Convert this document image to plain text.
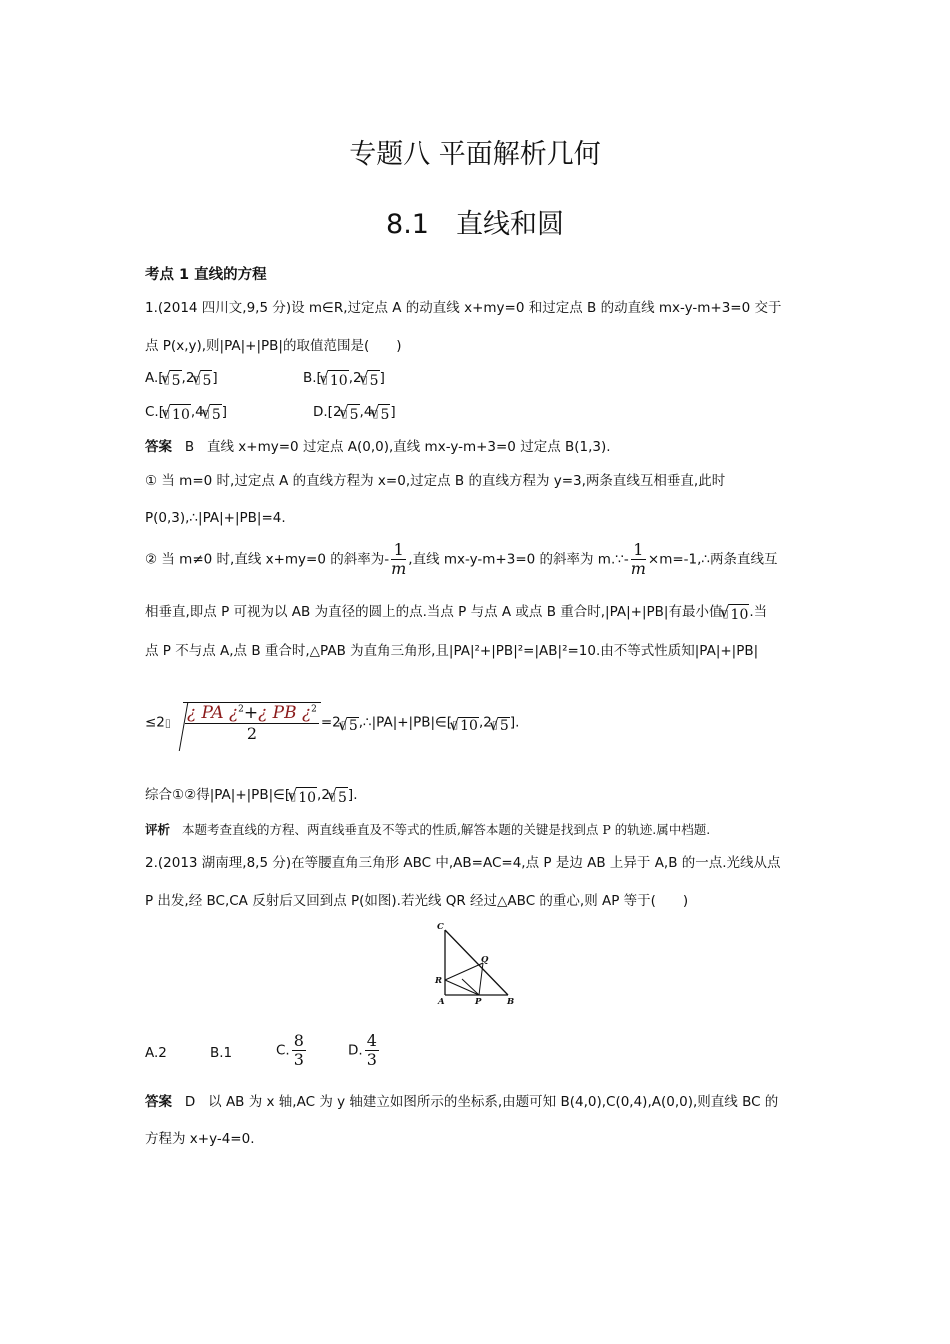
专题八 平面解析几何
8.1　直线和圆
考点 1 直线的方程
1.(2014 四川文,9,5 分)设 m∈R,过定点 A 的动直线 x+my=0 和过定点 B 的动直线 mx-y-m+3=0 交于
点 P(x,y),则|PA|+|PB|的取值范围是(　　)
A.[▯ √ 5,2▯ √ 5]	B.[▯ √ 10,2▯ √ 5]
C.[▯ √ 10,4▯ √ 5]	D.[2▯ √ 5,4▯ √ 5]
答案 B 直线 x+my=0 过定点 A(0,0),直线 mx-y-m+3=0 过定点 B(1,3).
① 当 m=0 时,过定点 A 的直线方程为 x=0,过定点 B 的直线方程为 y=3,两条直线互相垂直,此时
P(0,3),∴|PA|+|PB|=4.
② 当 m≠0 时,直线 x+my=0 的斜率为- $\frac{1}{m}$ ,直线 mx-y-m+3=0 的斜率为 m.∵- $\frac{1}{m}$ ×m=-1,∴两条直线互
相垂直,即点 P 可视为以 AB 为直径的圆上的点.当点 P 与点 A 或点 B 重合时,|PA|+|PB|有最小值▯ √ 10.当
点 P 不与点 A,点 B 重合时,△PAB 为直角三角形,且|PA|²+|PB|²=|AB|²=10.由不等式性质知|PA|+|PB|
≤2▯ $\frac{¿ PA ¿^2+¿ PB ¿^2}{2}$ =2▯ √ 5,∴|PA|+|PB|∈[▯ √ 10,2▯ √ 5].
综合①②得|PA|+|PB|∈[▯ √ 10,2▯ √ 5].
评析 本题考查直线的方程、两直线垂直及不等式的性质,解答本题的关键是找到点 P 的轨迹.属中档题.
2.(2013 湖南理,8,5 分)在等腰直角三角形 ABC 中,AB=AC=4,点 P 是边 AB 上异于 A,B 的一点.光线从点
P 出发,经 BC,CA 反射后又回到点 P(如图).若光线 QR 经过△ABC 的重心,则 AP 等于(　　)
C
Q
R
A	P	B
A.2	B.1	C. $\frac{8}{3}$	D. $\frac{4}{3}$
答案 D 以 AB 为 x 轴,AC 为 y 轴建立如图所示的坐标系,由题可知 B(4,0),C(0,4),A(0,0),则直线 BC 的
方程为 x+y-4=0.
